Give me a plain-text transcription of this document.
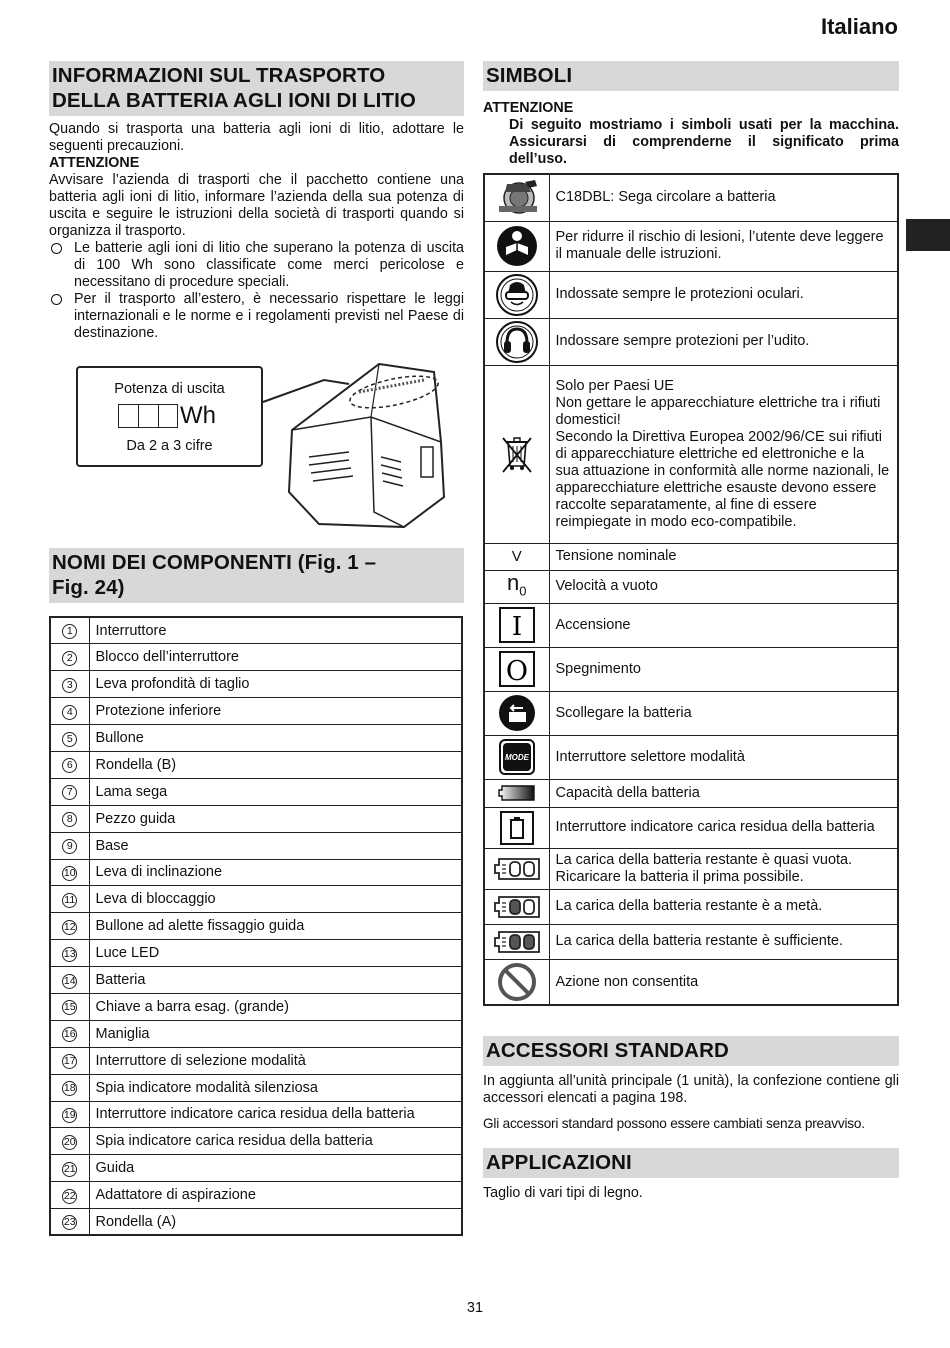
Italiano
INFORMAZIONI SUL TRASPORTO
DELLA BATTERIA AGLI IONI DI LITIO

Quando si trasporta una batteria agli ioni di litio, adottare le seguenti precauzioni.

ATTENZIONE

Avvisare l’azienda di trasporti che il pacchetto contiene una batteria agli ioni di litio, informare l’azienda della sua potenza di uscita e seguire le istruzioni della società di trasporti quando si organizza il trasporto.

Le batterie agli ioni di litio che superano la potenza di uscita di 100 Wh sono classificate come merci pericolose e necessitano di procedure speciali.
Per il trasporto all’estero, è necessario rispettare le leggi internazionali e le norme e i regolamenti previsti nel Paese di destinazione.
Potenza di uscita
Wh
Da 2 a 3 cifre
NOMI DEI COMPONENTI (Fig. 1 –
Fig. 24)
1	Interruttore
2	Blocco dell’interruttore
3	Leva profondità di taglio
4	Protezione inferiore
5	Bullone
6	Rondella (B)
7	Lama sega
8	Pezzo guida
9	Base
10	Leva di inclinazione
11	Leva di bloccaggio
12	Bullone ad alette fissaggio guida
13	Luce LED
14	Batteria
15	Chiave a barra esag. (grande)
16	Maniglia
17	Interruttore di selezione modalità
18	Spia indicatore modalità silenziosa
19	Interruttore indicatore carica residua della batteria
20	Spia indicatore carica residua della batteria
21	Guida
22	Adattatore di aspirazione
23	Rondella (A)
SIMBOLI
ATTENZIONE

Di seguito mostriamo i simboli usati per la macchina. Assicurarsi di comprenderne il significato prima dell’uso.

	C18DBL: Sega circolare a batteria

	Per ridurre il rischio di lesioni, l’utente deve leggere il manuale delle istruzioni.

	Indossate sempre le protezioni oculari.

	Indossare sempre protezioni per l’udito.

	Solo per Paesi UE
Non gettare le apparecchiature elettriche tra i rifiuti domestici!
Secondo la Direttiva Europea 2002/96/CE sui rifiuti di apparecchiature elettriche ed elettroniche e la sua attuazione in conformità alle norme nazionali, le apparecchiature elettriche esauste devono essere raccolte separatamente, al fine di essere reimpiegate in modo eco-compatibile.

V	Tensione nominale

$n_0$	Velocità a vuoto

I	Accensione

O	Spegnimento

	Scollegare la batteria

MODE	Interruttore selettore modalità

	Capacità della batteria

	Interruttore indicatore carica residua della batteria

	La carica della batteria restante è quasi vuota. Ricaricare la batteria il prima possibile.

	La carica della batteria restante è a metà.

	La carica della batteria restante è sufficiente.

	Azione non consentita
ACCESSORI STANDARD

In aggiunta all’unità principale (1 unità), la confezione contiene gli accessori elencati a pagina 198.

Gli accessori standard possono essere cambiati senza preavviso.

APPLICAZIONI

Taglio di vari tipi di legno.

31
